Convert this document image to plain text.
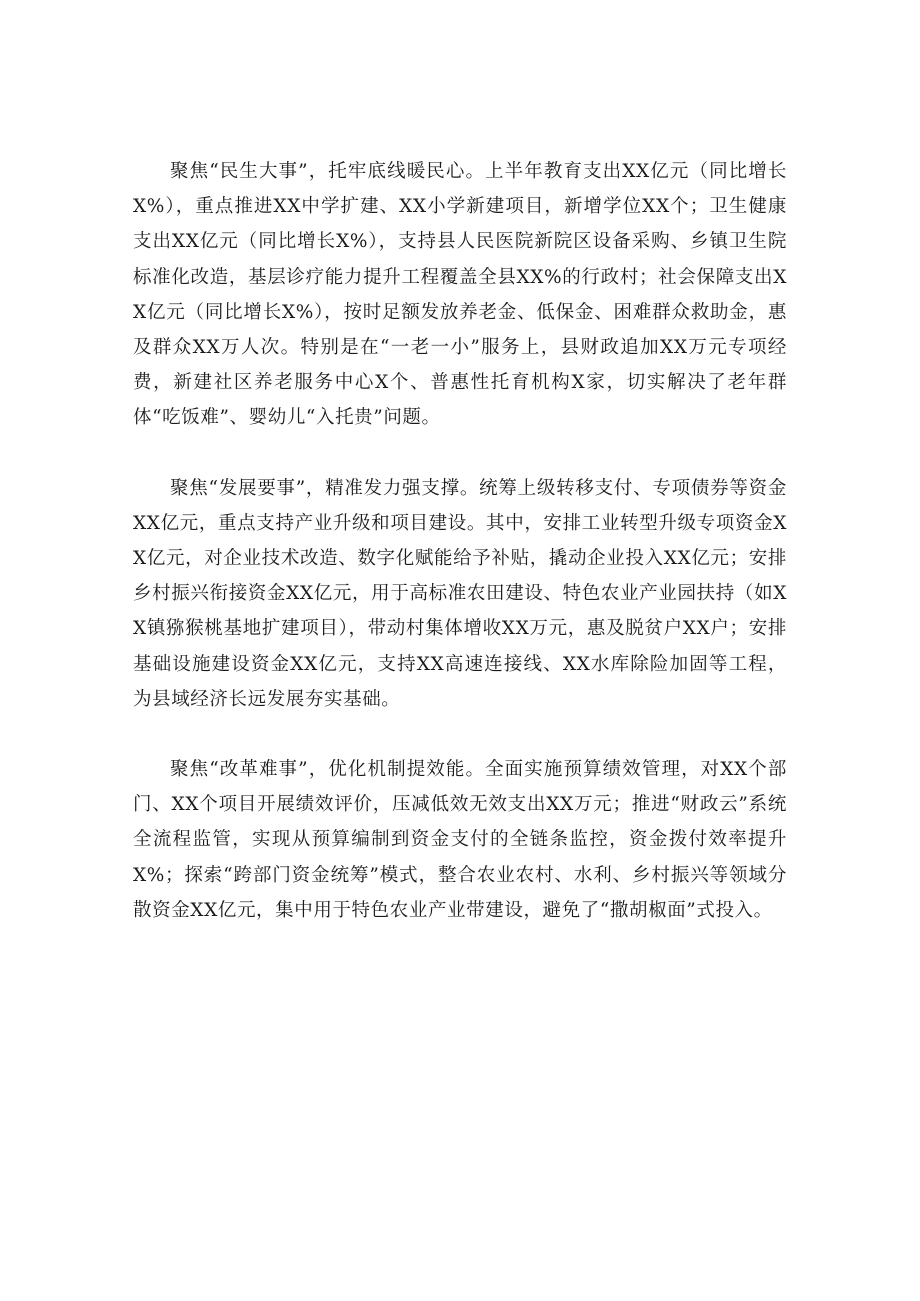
聚焦“民生大事”，托牢底线暖民心。上半年教育支出XX亿元（同比增长X%），重点推进XX中学扩建、XX小学新建项目，新增学位XX个；卫生健康支出XX亿元（同比增长X%），支持县人民医院新院区设备采购、乡镇卫生院标准化改造，基层诊疗能力提升工程覆盖全县XX%的行政村；社会保障支出XX亿元（同比增长X%），按时足额发放养老金、低保金、困难群众救助金，惠及群众XX万人次。特别是在“一老一小”服务上，县财政追加XX万元专项经费，新建社区养老服务中心X个、普惠性托育机构X家，切实解决了老年群体“吃饭难”、婴幼儿“入托贵”问题。

聚焦“发展要事”，精准发力强支撑。统筹上级转移支付、专项债券等资金XX亿元，重点支持产业升级和项目建设。其中，安排工业转型升级专项资金XX亿元，对企业技术改造、数字化赋能给予补贴，撬动企业投入XX亿元；安排乡村振兴衔接资金XX亿元，用于高标准农田建设、特色农业产业园扶持（如XX镇猕猴桃基地扩建项目），带动村集体增收XX万元，惠及脱贫户XX户；安排基础设施建设资金XX亿元，支持XX高速连接线、XX水库除险加固等工程，为县域经济长远发展夯实基础。

聚焦“改革难事”，优化机制提效能。全面实施预算绩效管理，对XX个部门、XX个项目开展绩效评价，压减低效无效支出XX万元；推进“财政云”系统全流程监管，实现从预算编制到资金支付的全链条监控，资金拨付效率提升X%；探索“跨部门资金统筹”模式，整合农业农村、水利、乡村振兴等领域分散资金XX亿元，集中用于特色农业产业带建设，避免了“撒胡椒面”式投入。
